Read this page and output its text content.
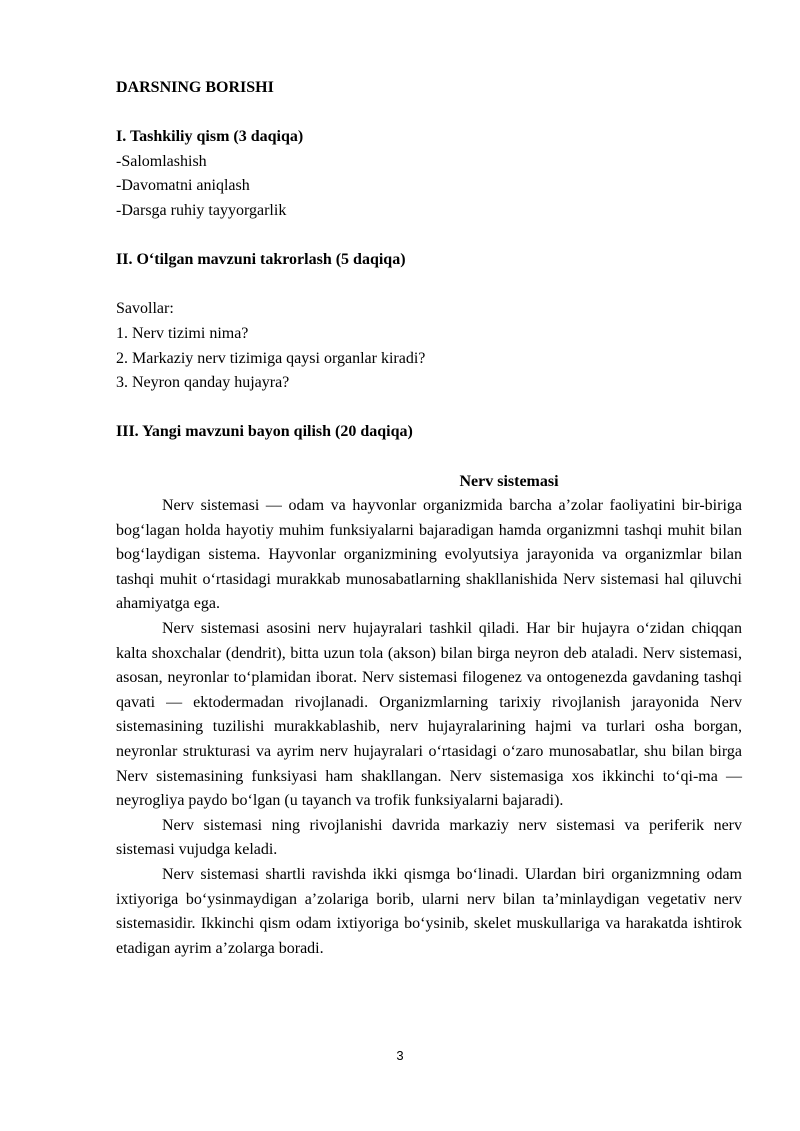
DARSNING BORISHI

I. Tashkiliy qism (3 daqiqa)

-Salomlashish

-Davomatni aniqlash

-Darsga ruhiy tayyorgarlik

II. O‘tilgan mavzuni takrorlash (5 daqiqa)

Savollar:

1. Nerv tizimi nima?

2. Markaziy nerv tizimiga qaysi organlar kiradi?

3. Neyron qanday hujayra?

III. Yangi mavzuni bayon qilish (20 daqiqa)

Nerv sistemasi

Nerv sistemasi — odam va hayvonlar organizmida barcha a’zolar faoliyatini bir-biriga bog‘lagan holda hayotiy muhim funksiyalarni bajaradigan hamda organizmni tashqi muhit bilan bog‘laydigan sistema. Hayvonlar organizmining evolyutsiya jarayonida va organizmlar bilan tashqi muhit o‘rtasidagi murakkab munosabatlarning shakllanishida Nerv sistemasi hal qiluvchi ahamiyatga ega.

Nerv sistemasi asosini nerv hujayralari tashkil qiladi. Har bir hujayra o‘zidan chiqqan kalta shoxchalar (dendrit), bitta uzun tola (akson) bilan birga neyron deb ataladi. Nerv sistemasi, asosan, neyronlar to‘plamidan iborat. Nerv sistemasi filogenez va ontogenezda gavdaning tashqi qavati — ektodermadan rivojlanadi. Organizmlarning tarixiy rivojlanish jarayonida Nerv sistemasining tuzilishi murakkablashib, nerv hujayralarining hajmi va turlari osha borgan, neyronlar strukturasi va ayrim nerv hujayralari o‘rtasidagi o‘zaro munosabatlar, shu bilan birga Nerv sistemasining funksiyasi ham shakllangan. Nerv sistemasiga xos ikkinchi to‘qi-ma — neyrogliya paydo bo‘lgan (u tayanch va trofik funksiyalarni bajaradi).

Nerv sistemasi ning rivojlanishi davrida markaziy nerv sistemasi va periferik nerv sistemasi vujudga keladi.

Nerv sistemasi shartli ravishda ikki qismga bo‘linadi. Ulardan biri organizmning odam ixtiyoriga bo‘ysinmaydigan a’zolariga borib, ularni nerv bilan ta’minlaydigan vegetativ nerv sistemasidir. Ikkinchi qism odam ixtiyoriga bo‘ysinib, skelet muskullariga va harakatda ishtirok etadigan ayrim a’zolarga boradi.

3
